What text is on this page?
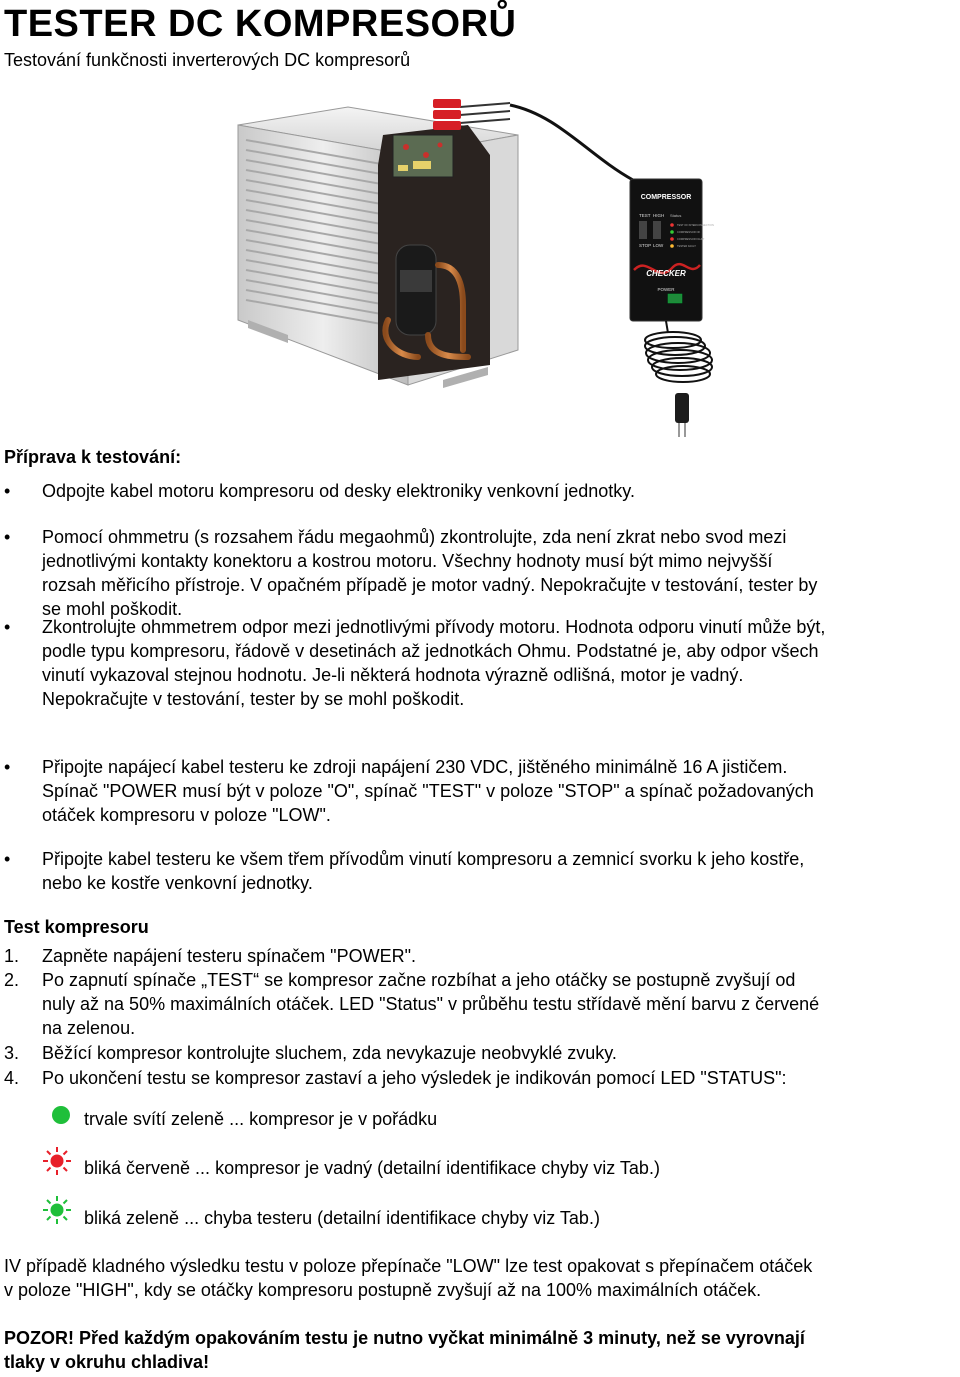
TESTER DC KOMPRESORŮ
Testování funkčnosti inverterových DC kompresorů
COMPRESSOR
TEST HIGH
STOP LOW
Status
TEST OF INTERCONNECTION
COMPRESSOR OK
COMPRESSOR FAULT
TESTER FAULT
CHECKER
POWER
Příprava k testování:
• Odpojte kabel motoru kompresoru od desky elektroniky venkovní jednotky.
• Pomocí ohmmetru (s rozsahem řádu megaohmů) zkontrolujte, zda není zkrat nebo svod mezi
jednotlivými kontakty konektoru a kostrou motoru. Všechny hodnoty musí být mimo nejvyšší
rozsah měřicího přístroje. V opačném případě je motor vadný. Nepokračujte v testování, tester by
se mohl poškodit.
• Zkontrolujte ohmmetrem odpor mezi jednotlivými přívody motoru. Hodnota odporu vinutí může být,
podle typu kompresoru, řádově v desetinách až jednotkách Ohmu. Podstatné je, aby odpor všech
vinutí vykazoval stejnou hodnotu. Je-li některá hodnota výrazně odlišná, motor je vadný.
Nepokračujte v testování, tester by se mohl poškodit.
• Připojte napájecí kabel testeru ke zdroji napájení 230 VDC, jištěného minimálně 16 A jističem.
Spínač "POWER musí být v poloze "O", spínač "TEST" v poloze "STOP" a spínač požadovaných
otáček kompresoru v poloze "LOW".
• Připojte kabel testeru ke všem třem přívodům vinutí kompresoru a zemnicí svorku k jeho kostře,
nebo ke kostře venkovní jednotky.
Test kompresoru
1. Zapněte napájení testeru spínačem "POWER".
2. Po zapnutí spínače „TEST“ se kompresor začne rozbíhat a jeho otáčky se postupně zvyšují od
nuly až na 50% maximálních otáček. LED "Status" v průběhu testu střídavě mění barvu z červené
na zelenou.
3. Běžící kompresor kontrolujte sluchem, zda nevykazuje neobvyklé zvuky.
4. Po ukončení testu se kompresor zastaví a jeho výsledek je indikován pomocí LED "STATUS":
trvale svítí zeleně ... kompresor je v pořádku
bliká červeně ... kompresor je vadný (detailní identifikace chyby viz Tab.)
bliká zeleně ... chyba testeru (detailní identifikace chyby viz Tab.)
IV případě kladného výsledku testu v poloze přepínače "LOW" lze test opakovat s přepínačem otáček
v poloze "HIGH", kdy se otáčky kompresoru postupně zvyšují až na 100% maximálních otáček.
POZOR! Před každým opakováním testu je nutno vyčkat minimálně 3 minuty, než se vyrovnají
tlaky v okruhu chladiva!
